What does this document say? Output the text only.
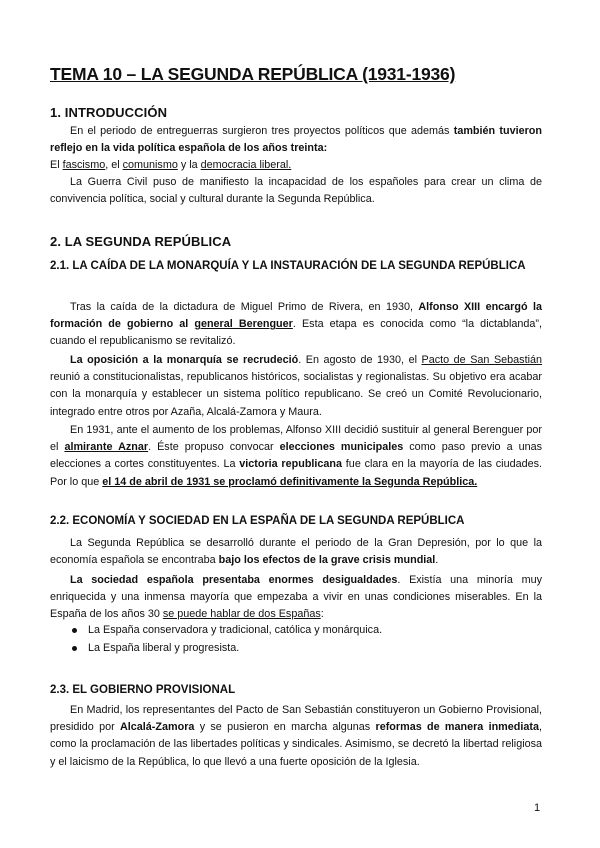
TEMA 10 – LA SEGUNDA REPÚBLICA (1931-1936)
1. INTRODUCCIÓN

En el periodo de entreguerras surgieron tres proyectos políticos que además también tuvieron reflejo en la vida política española de los años treinta:

El fascismo, el comunismo y la democracia liberal.

La Guerra Civil puso de manifiesto la incapacidad de los españoles para crear un clima de convivencia política, social y cultural durante la Segunda República.

2. LA SEGUNDA REPÚBLICA
2.1. LA CAÍDA DE LA MONARQUÍA Y LA INSTAURACIÓN DE LA SEGUNDA REPÚBLICA

Tras la caída de la dictadura de Miguel Primo de Rivera, en 1930, Alfonso XIII encargó la formación de gobierno al general Berenguer. Esta etapa es conocida como “la dictablanda”, cuando el republicanismo se revitalizó.

La oposición a la monarquía se recrudeció. En agosto de 1930, el Pacto de San Sebastián reunió a constitucionalistas, republicanos históricos, socialistas y regionalistas. Su objetivo era acabar con la monarquía y establecer un sistema político republicano. Se creó un Comité Revolucionario, integrado entre otros por Azaña, Alcalá-Zamora y Maura.

En 1931, ante el aumento de los problemas, Alfonso XIII decidió sustituir al general Berenguer por el almirante Aznar. Éste propuso convocar elecciones municipales como paso previo a unas elecciones a cortes constituyentes. La victoria republicana fue clara en la mayoría de las ciudades. Por lo que el 14 de abril de 1931 se proclamó definitivamente la Segunda República.

2.2. ECONOMÍA Y SOCIEDAD EN LA ESPAÑA DE LA SEGUNDA REPÚBLICA

La Segunda República se desarrolló durante el periodo de la Gran Depresión, por lo que la economía española se encontraba bajo los efectos de la grave crisis mundial.

La sociedad española presentaba enormes desigualdades. Existía una minoría muy enriquecida y una inmensa mayoría que empezaba a vivir en unas condiciones miserables. En la España de los años 30 se puede hablar de dos Españas:

La España conservadora y tradicional, católica y monárquica.
La España liberal y progresista.
2.3. EL GOBIERNO PROVISIONAL

En Madrid, los representantes del Pacto de San Sebastián constituyeron un Gobierno Provisional, presidido por Alcalá-Zamora y se pusieron en marcha algunas reformas de manera inmediata, como la proclamación de las libertades políticas y sindicales. Asimismo, se decretó la libertad religiosa y el laicismo de la República, lo que llevó a una fuerte oposición de la Iglesia.

1
